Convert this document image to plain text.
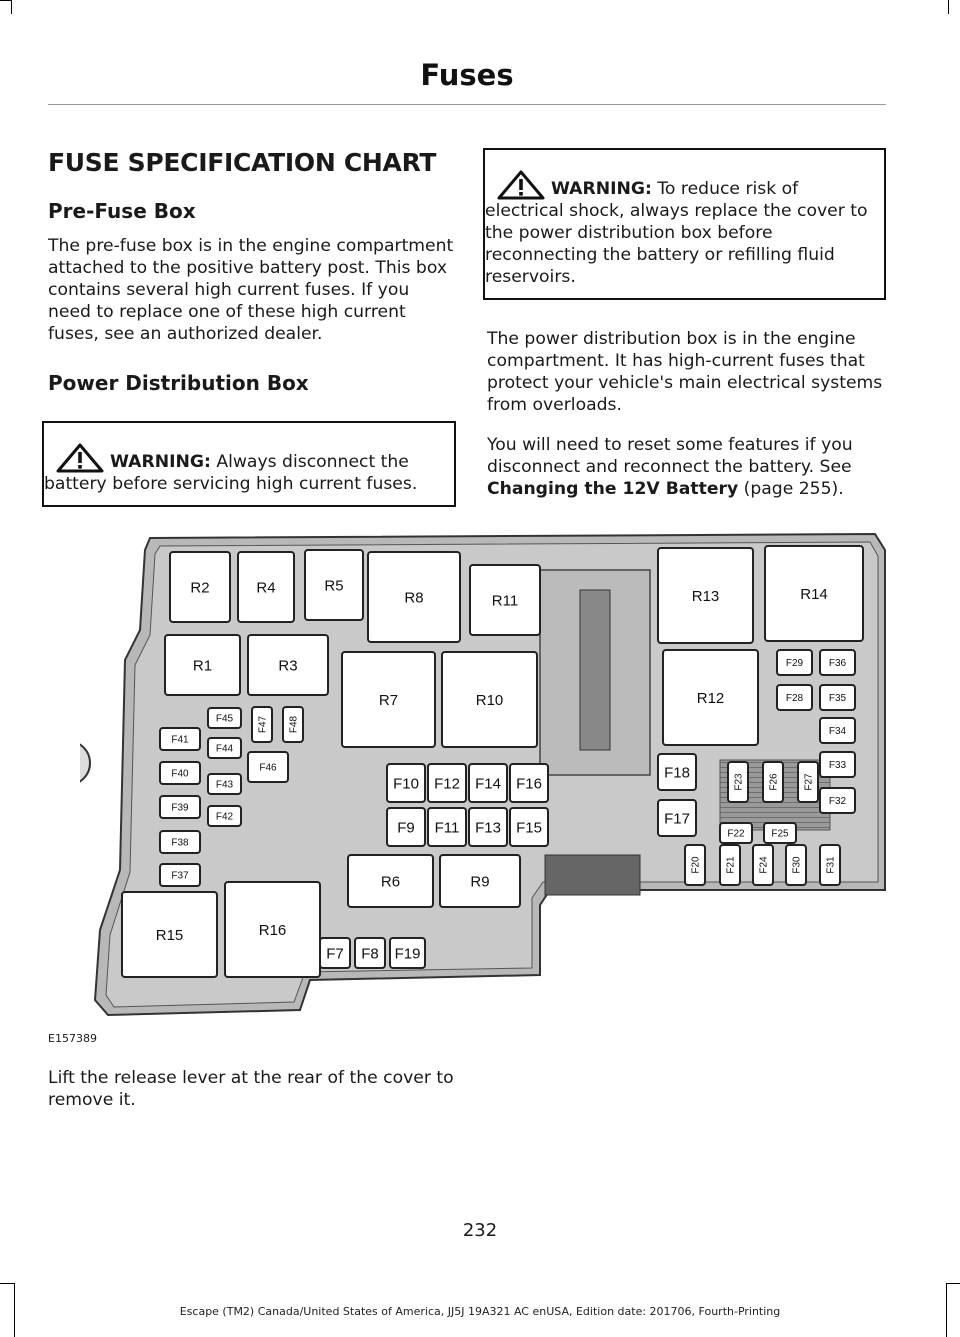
Fuses
FUSE SPECIFICATION CHART
Pre-Fuse Box

The pre-fuse box is in the engine compartment attached to the positive battery post. This box contains several high current fuses. If you need to replace one of these high current fuses, see an authorized dealer.

Power Distribution Box
WARNING: Always disconnect the battery before servicing high current fuses.
WARNING: To reduce risk of electrical shock, always replace the cover to the power distribution box before reconnecting the battery or refilling fluid reservoirs.

The power distribution box is in the engine compartment. It has high-current fuses that protect your vehicle's main electrical systems from overloads.

You will need to reset some features if you disconnect and reconnect the battery. See Changing the 12V Battery (page 255).

R2	R4	R5
R8	R11	R13	R14
R1	R3
R7	R10	R12
F29	F36
F28	F35
F34
F33
F32
F45 F47 F48
F41
F44
F46
F40
F43
F39
F42
F38
F37
F10 F12 F14 F16
F9 F11 F13 F15
F18
F17
F23 F26 F27
F22	F25
F20 F21 F24 F30 F31
R6	R9
R15	R16
F7 F8 F19
E157389

Lift the release lever at the rear of the cover to remove it.

232
Escape (TM2) Canada/United States of America, JJ5J 19A321 AC enUSA, Edition date: 201706, Fourth-Printing
